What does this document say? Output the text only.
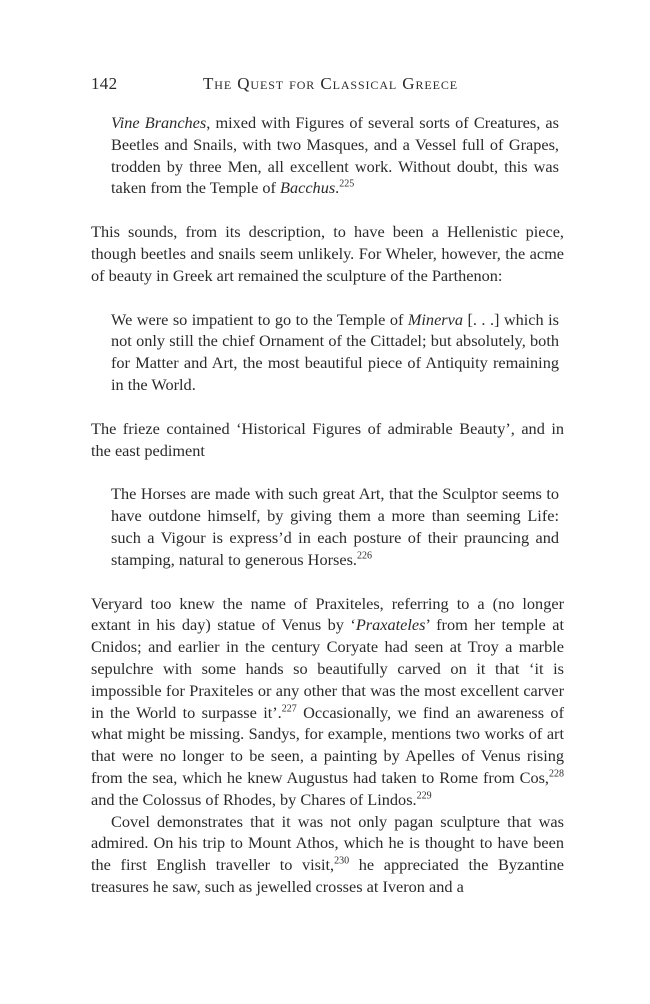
142	The Quest for Classical Greece

Vine Branches, mixed with Figures of several sorts of Creatures, as Beetles and Snails, with two Masques, and a Vessel full of Grapes, trodden by three Men, all excellent work. Without doubt, this was taken from the Temple of Bacchus.$^{225}$

This sounds, from its description, to have been a Hellenistic piece, though beetles and snails seem unlikely. For Wheler, however, the acme of beauty in Greek art remained the sculpture of the Parthenon:

We were so impatient to go to the Temple of Minerva [. . .] which is not only still the chief Ornament of the Cittadel; but absolutely, both for Matter and Art, the most beautiful piece of Antiquity remaining in the World.

The frieze contained ‘Historical Figures of admirable Beauty’, and in the east pediment

The Horses are made with such great Art, that the Sculptor seems to have outdone himself, by giving them a more than seeming Life: such a Vigour is express’d in each posture of their prauncing and stamping, natural to generous Horses.$^{226}$

Veryard too knew the name of Praxiteles, referring to a (no longer extant in his day) statue of Venus by ‘Praxateles’ from her temple at Cnidos; and earlier in the century Coryate had seen at Troy a marble sepulchre with some hands so beautifully carved on it that ‘it is impossible for Praxiteles or any other that was the most excellent carver in the World to surpasse it’.$^{227}$ Occasionally, we find an awareness of what might be missing. Sandys, for example, mentions two works of art that were no longer to be seen, a painting by Apelles of Venus rising from the sea, which he knew Augustus had taken to Rome from Cos,$^{228}$ and the Colossus of Rhodes, by Chares of Lindos.$^{229}$

Covel demonstrates that it was not only pagan sculpture that was admired. On his trip to Mount Athos, which he is thought to have been the first English traveller to visit,$^{230}$ he appreciated the Byzantine treasures he saw, such as jewelled crosses at Iveron and a
